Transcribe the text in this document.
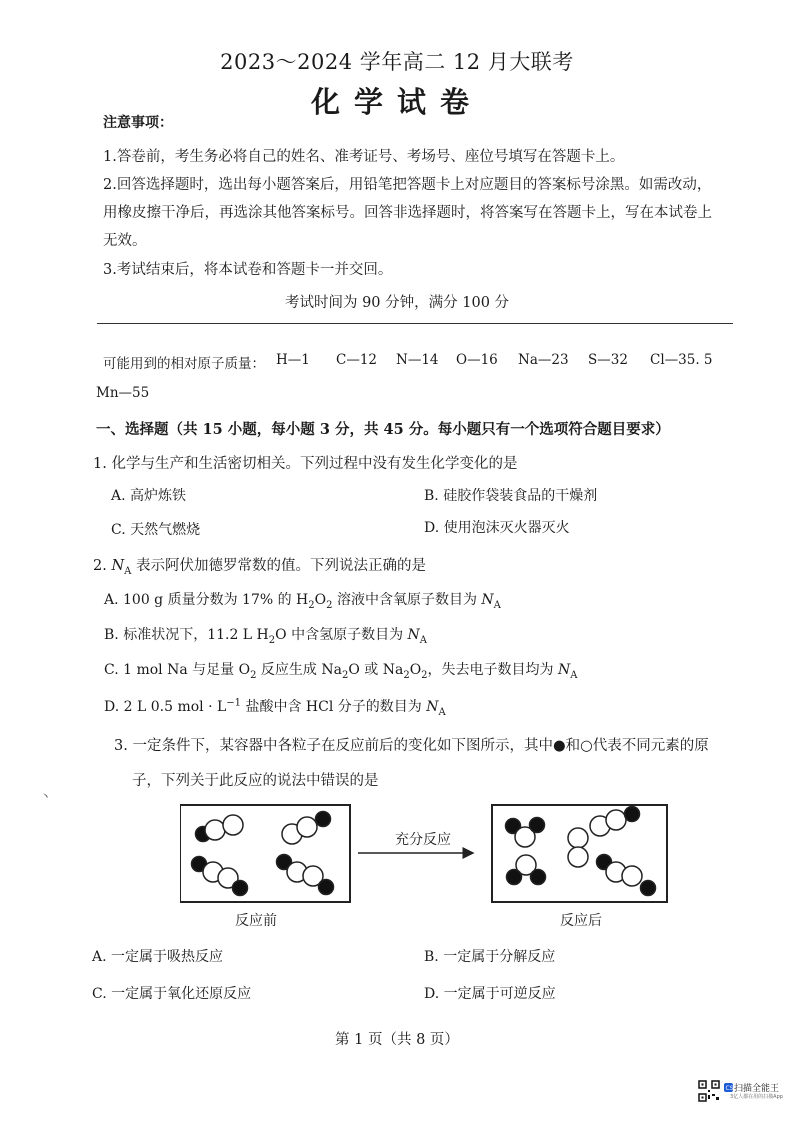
2023～2024 学年高二 12 月大联考
化学试卷
注意事项：
1.答卷前，考生务必将自己的姓名、准考证号、考场号、座位号填写在答题卡上。
2.回答选择题时，选出每小题答案后，用铅笔把答题卡上对应题目的答案标号涂黑。如需改动，
用橡皮擦干净后，再选涂其他答案标号。回答非选择题时，将答案写在答题卡上，写在本试卷上
无效。
3.考试结束后，将本试卷和答题卡一并交回。
考试时间为 90 分钟，满分 100 分
可能用到的相对原子质量： H—1 C—12 N—14 O—16 Na—23 S—32 Cl—35. 5
Mn—55
一、选择题（共 15 小题，每小题 3 分，共 45 分。每小题只有一个选项符合题目要求）
1. 化学与生产和生活密切相关。下列过程中没有发生化学变化的是
A. 高炉炼铁	B. 硅胶作袋装食品的干燥剂
C. 天然气燃烧	D. 使用泡沫灭火器灭火
2. $N_A$ 表示阿伏加德罗常数的值。下列说法正确的是
A. 100 g 质量分数为 17% 的 $H_2O_2$ 溶液中含氧原子数目为 $N_A$
B. 标准状况下，11.2 L $H_2O$ 中含氢原子数目为 $N_A$
C. 1 mol Na 与足量 $O_2$ 反应生成 $Na_2O$ 或 $Na_2O_2$，失去电子数目均为 $N_A$
D. 2 L 0.5 mol · $L^{-1}$ 盐酸中含 HCl 分子的数目为 $N_A$
3. 一定条件下，某容器中各粒子在反应前后的变化如下图所示，其中●和○代表不同元素的原
丶
子，下列关于此反应的说法中错误的是
充分反应
反应前	反应后
A. 一定属于吸热反应	B. 一定属于分解反应
C. 一定属于氧化还原反应	D. 一定属于可逆反应
第 1 页（共 8 页）
CS 扫描全能王
3亿人都在用的扫描App
